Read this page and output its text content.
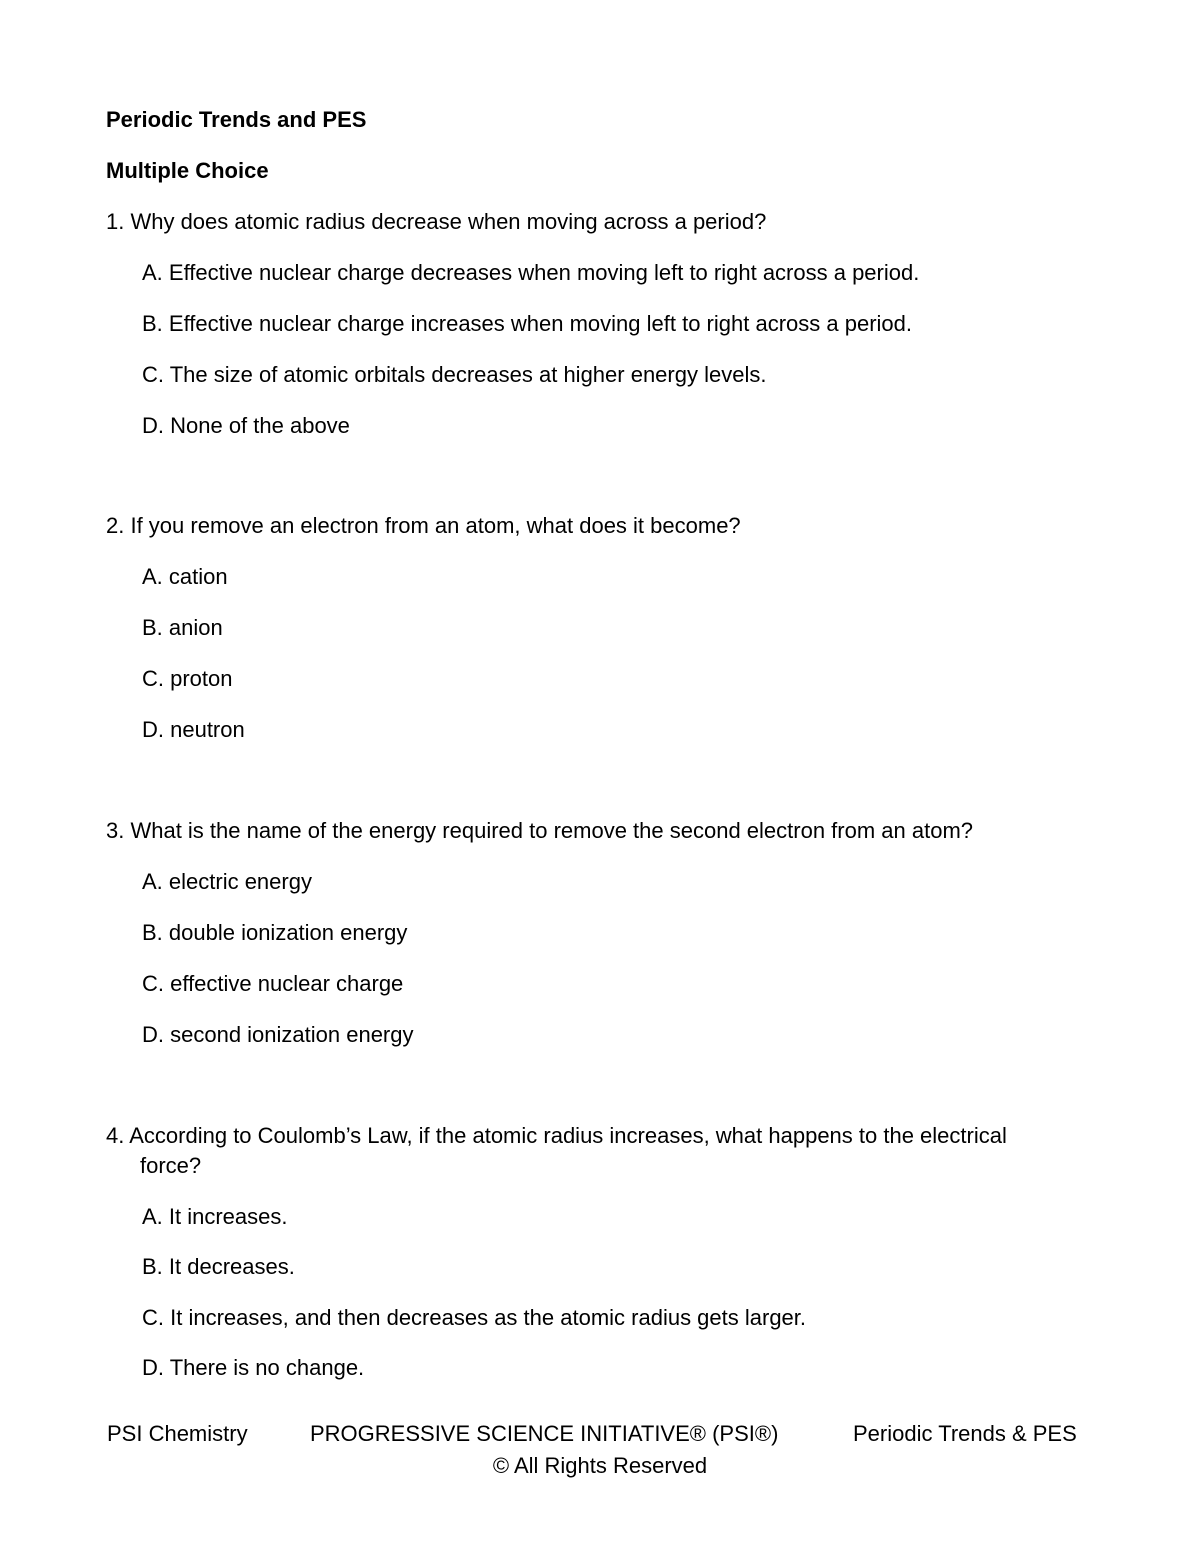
Periodic Trends and PES
Multiple Choice
1. Why does atomic radius decrease when moving across a period?
A. Effective nuclear charge decreases when moving left to right across a period.
B. Effective nuclear charge increases when moving left to right across a period.
C. The size of atomic orbitals decreases at higher energy levels.
D. None of the above
2. If you remove an electron from an atom, what does it become?
A. cation
B. anion
C. proton
D. neutron
3. What is the name of the energy required to remove the second electron from an atom?
A. electric energy
B. double ionization energy
C. effective nuclear charge
D. second ionization energy
4. According to Coulomb’s Law, if the atomic radius increases, what happens to the electrical
force?
A. It increases.
B. It decreases.
C. It increases, and then decreases as the atomic radius gets larger.
D. There is no change.
PSI Chemistry	PROGRESSIVE SCIENCE INITIATIVE® (PSI®)	Periodic Trends & PES
© All Rights Reserved
